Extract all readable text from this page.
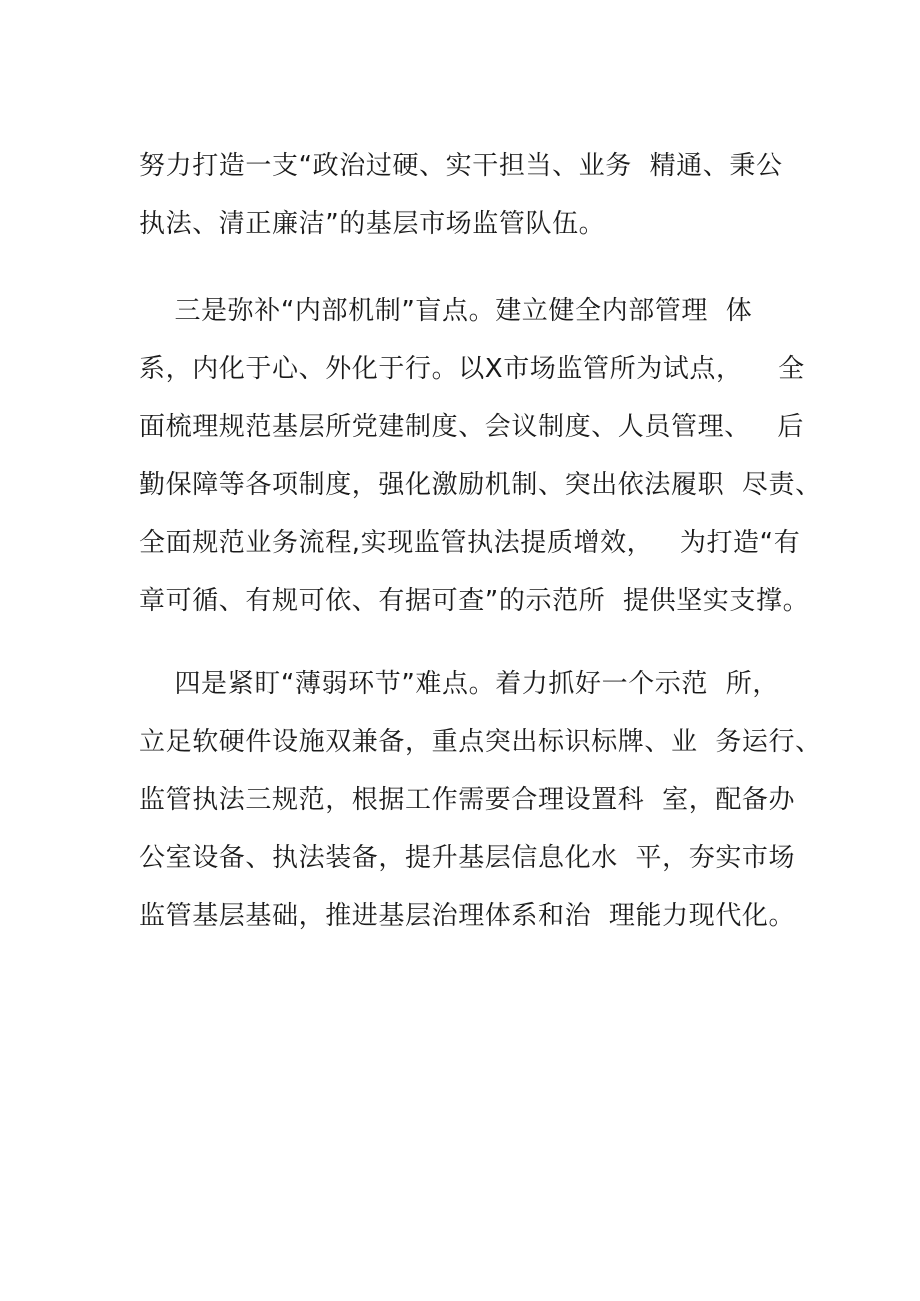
努力打造一支“政治过硬、实干担当、业务  精通、秉公
执法、清正廉洁”的基层市场监管队伍。
三是弥补“内部机制”盲点。建立健全内部管理  体
系，内化于心、外化于行。以X市场监管所为试点，    全
面梳理规范基层所党建制度、会议制度、人员管理、   后
勤保障等各项制度，强化激励机制、突出依法履职  尽责、
全面规范业务流程,实现监管执法提质增效，   为打造“有
章可循、有规可依、有据可查”的示范所  提供坚实支撑。
四是紧盯“薄弱环节”难点。着力抓好一个示范  所，
立足软硬件设施双兼备，重点突出标识标牌、业  务运行、
监管执法三规范，根据工作需要合理设置科  室，配备办
公室设备、执法装备，提升基层信息化水  平，夯实市场
监管基层基础，推进基层治理体系和治  理能力现代化。
